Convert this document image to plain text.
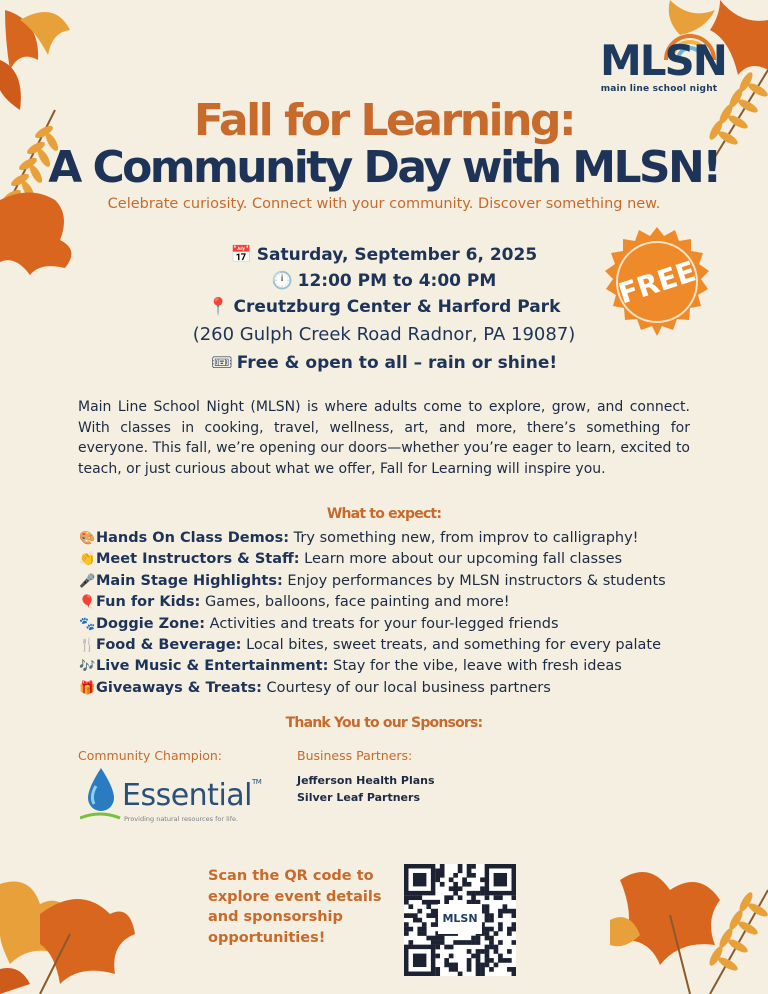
MLSN
main line school night
Fall for Learning:
A Community Day with MLSN!
Celebrate curiosity. Connect with your community. Discover something new.
📅 Saturday, September 6, 2025
🕛 12:00 PM to 4:00 PM
📍 Creutzburg Center & Harford Park
(260 Gulph Creek Road Radnor, PA 19087)
🎟 Free & open to all – rain or shine!
FREE
Main Line School Night (MLSN) is where adults come to explore, grow, and connect. With classes in cooking, travel, wellness, art, and more, there’s something for everyone. This fall, we’re opening our doors—whether you’re eager to learn, excited to teach, or just curious about what we offer, Fall for Learning will inspire you.
What to expect:
🎨Hands On Class Demos: Try something new, from improv to calligraphy!
👏Meet Instructors & Staff: Learn more about our upcoming fall classes
🎤Main Stage Highlights: Enjoy performances by MLSN instructors & students
🎈Fun for Kids: Games, balloons, face painting and more!
🐾Doggie Zone: Activities and treats for your four-legged friends
🍴Food & Beverage: Local bites, sweet treats, and something for every palate
🎶Live Music & Entertainment: Stay for the vibe, leave with fresh ideas
🎁Giveaways & Treats: Courtesy of our local business partners
Thank You to our Sponsors:
Community Champion:	Business Partners:
Essential™
Providing natural resources for life.
Jefferson Health Plans
Silver Leaf Partners
Scan the QR code to
explore event details
and sponsorship
opportunities!
MLSN
